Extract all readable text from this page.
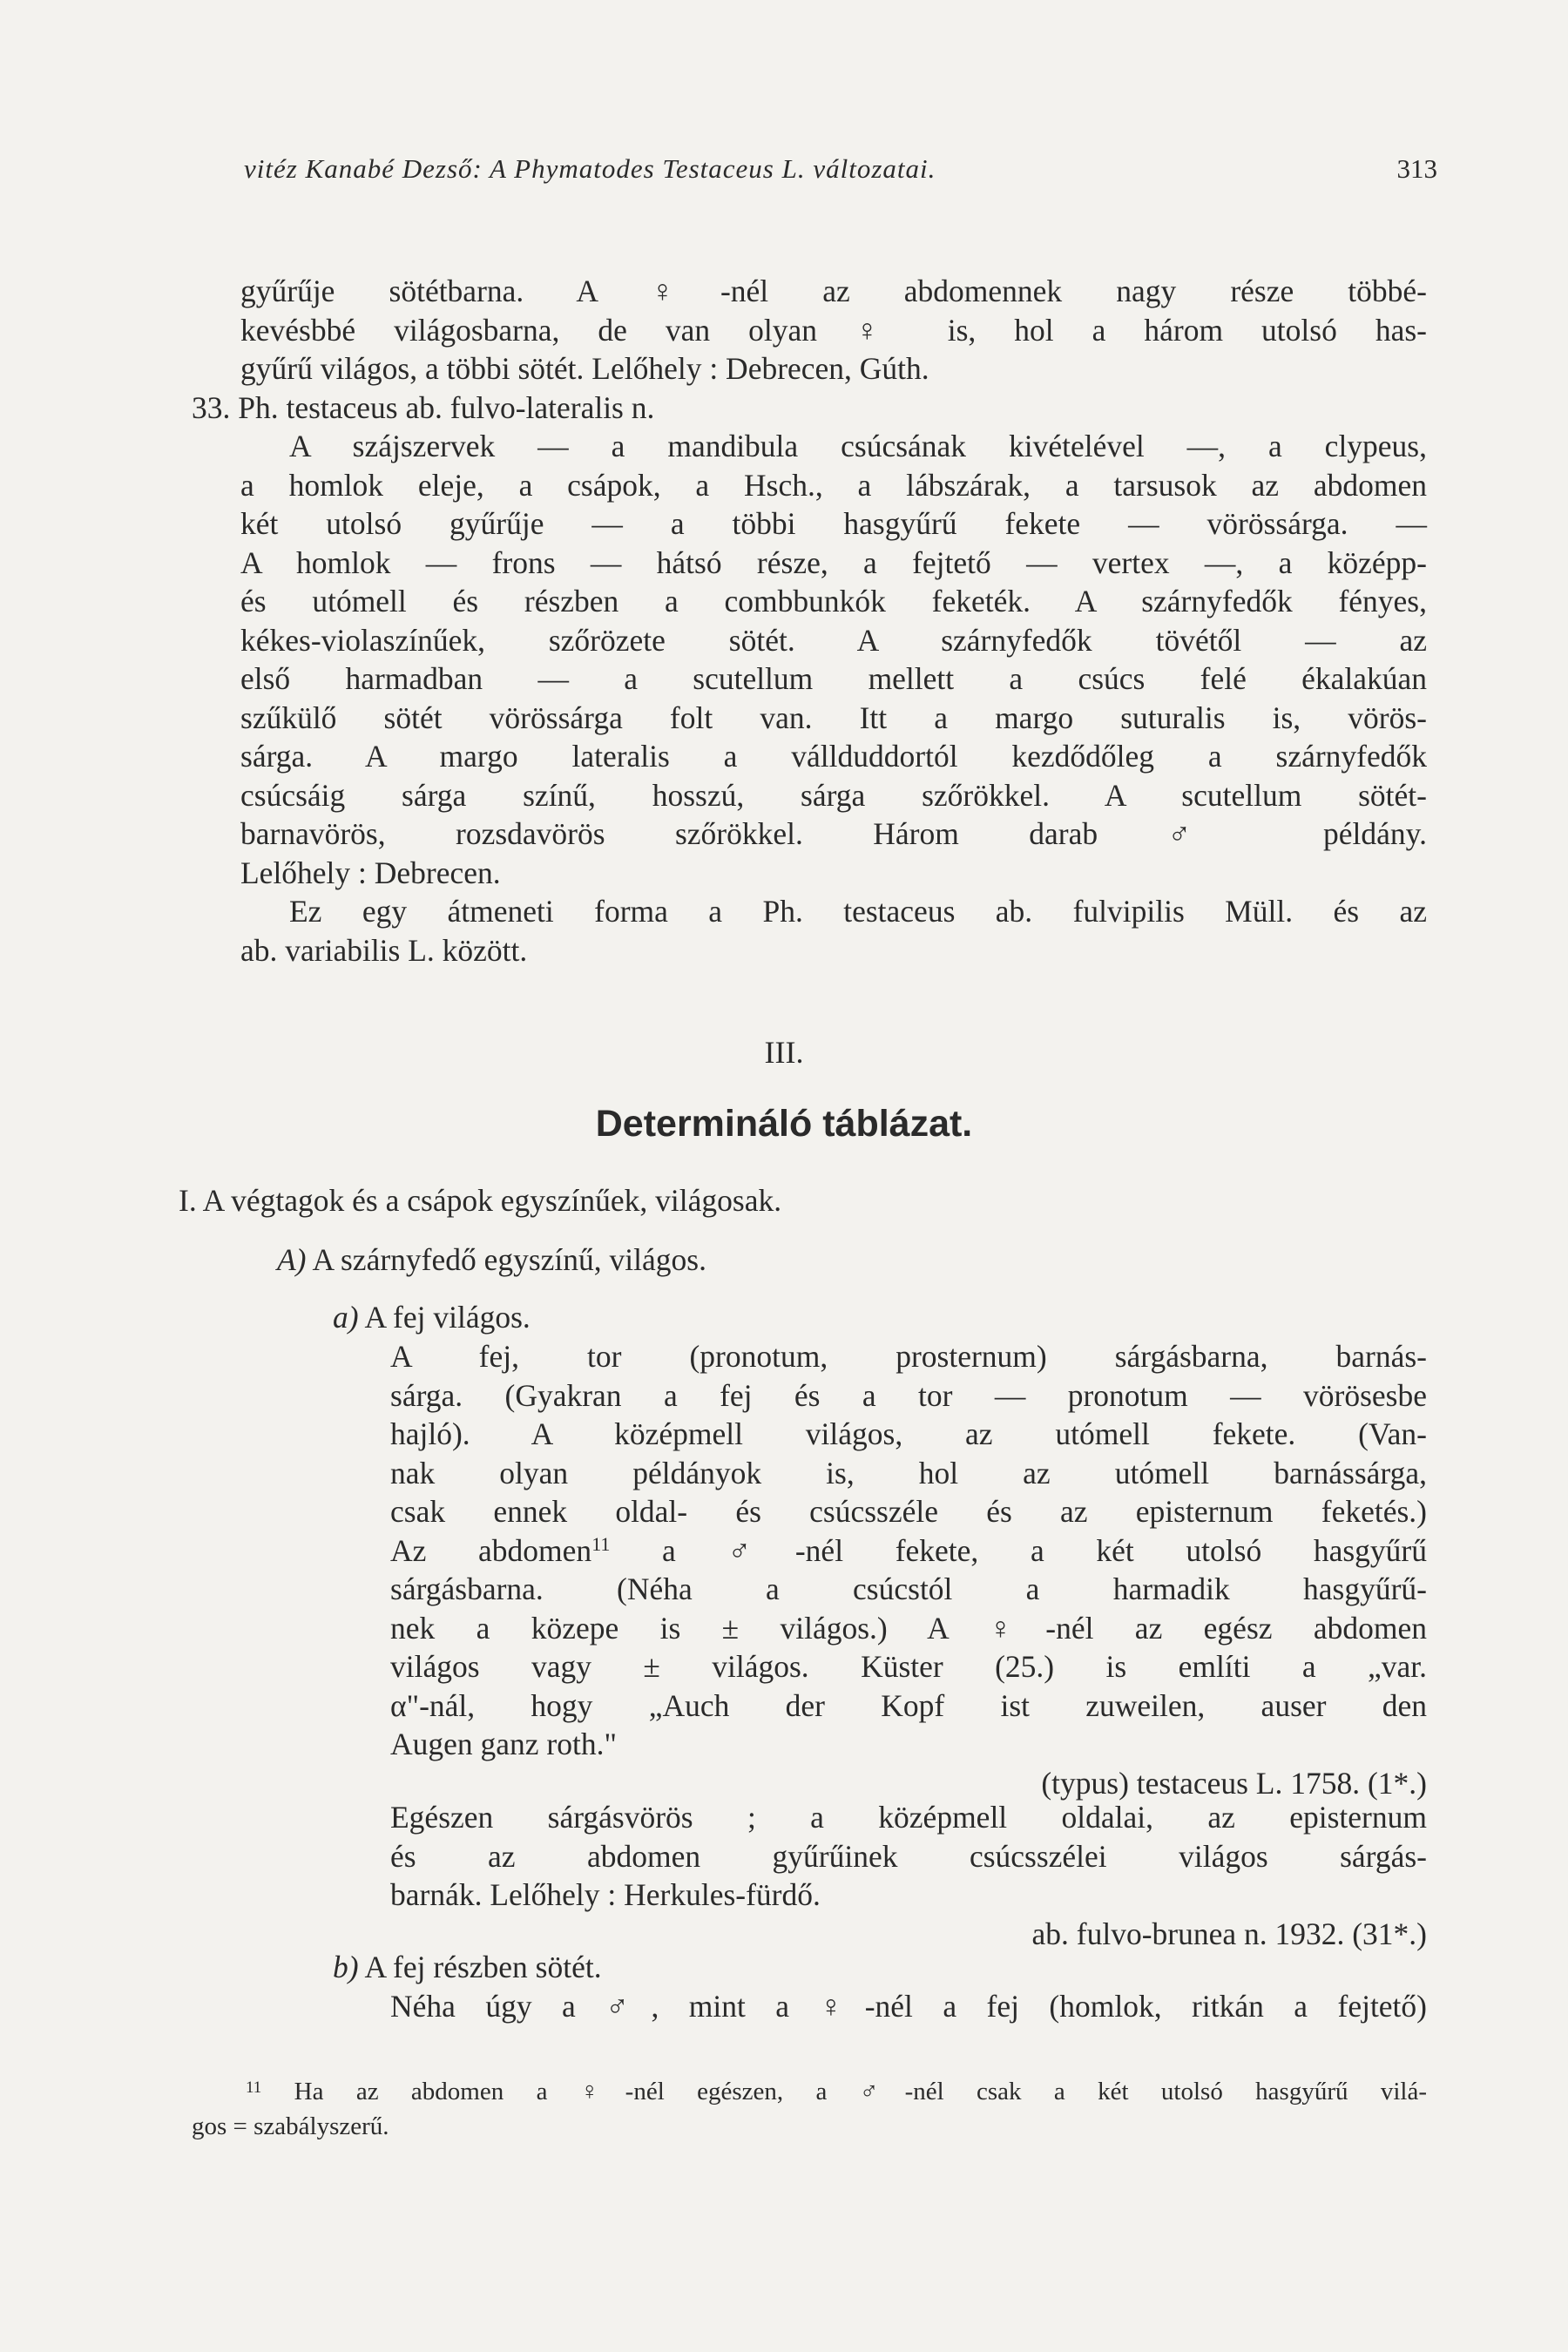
vitéz Kanabé Dezső: A Phymatodes Testaceus L. változatai.	313

gyűrűje sötétbarna. A ♀-nél az abdomennek nagy része többé-
kevésbbé világosbarna, de van olyan ♀ is, hol a három utolsó has-
gyűrű világos, a többi sötét. Lelőhely : Debrecen, Gúth.

33. Ph. testaceus ab. fulvo-lateralis n.

A szájszervek — a mandibula csúcsának kivételével —, a clypeus,
a homlok eleje, a csápok, a Hsch., a lábszárak, a tarsusok az abdomen
két utolsó gyűrűje — a többi hasgyűrű fekete — vörössárga. —
A homlok — frons — hátsó része, a fejtető — vertex —, a középp-
és utómell és részben a combbunkók feketék. A szárnyfedők fényes,
kékes-violaszínűek, szőrözete sötét. A szárnyfedők tövétől — az
első harmadban — a scutellum mellett a csúcs felé ékalakúan
szűkülő sötét vörössárga folt van. Itt a margo suturalis is, vörös-
sárga. A margo lateralis a vállduddortól kezdődőleg a szárnyfedők
csúcsáig sárga színű, hosszú, sárga szőrökkel. A scutellum sötét-
barnavörös, rozsdavörös szőrökkel. Három darab ♂ példány.
Lelőhely : Debrecen.

Ez egy átmeneti forma a Ph. testaceus ab. fulvipilis Müll. és az
ab. variabilis L. között.

III.
Determináló táblázat.
I. A végtagok és a csápok egyszínűek, világosak.
A) A szárnyfedő egyszínű, világos.
a) A fej világos.
A fej, tor (pronotum, prosternum) sárgásbarna, barnás-
sárga. (Gyakran a fej és a tor — pronotum — vörösesbe
hajló). A középmell világos, az utómell fekete. (Van-
nak olyan példányok is, hol az utómell barnássárga,
csak ennek oldal- és csúcsszéle és az episternum feketés.)
Az abdomen$^{11}$ a ♂-nél fekete, a két utolsó hasgyűrű
sárgásbarna. (Néha a csúcstól a harmadik hasgyűrű-
nek a közepe is ± világos.) A ♀-nél az egész abdomen
világos vagy ± világos. Küster (25.) is említi a „var.
α"-nál, hogy „Auch der Kopf ist zuweilen, auser den
Augen ganz roth."
(typus) testaceus L. 1758. (1*.)
Egészen sárgásvörös ; a középmell oldalai, az episternum
és az abdomen gyűrűinek csúcsszélei világos sárgás-
barnák. Lelőhely : Herkules-fürdő.
ab. fulvo-brunea n. 1932. (31*.)
b) A fej részben sötét.
Néha úgy a ♂, mint a ♀-nél a fej (homlok, ritkán a fejtető)

$^{11}$ Ha az abdomen a ♀-nél egészen, a ♂-nél csak a két utolsó hasgyűrű vilá-

gos = szabályszerű.
